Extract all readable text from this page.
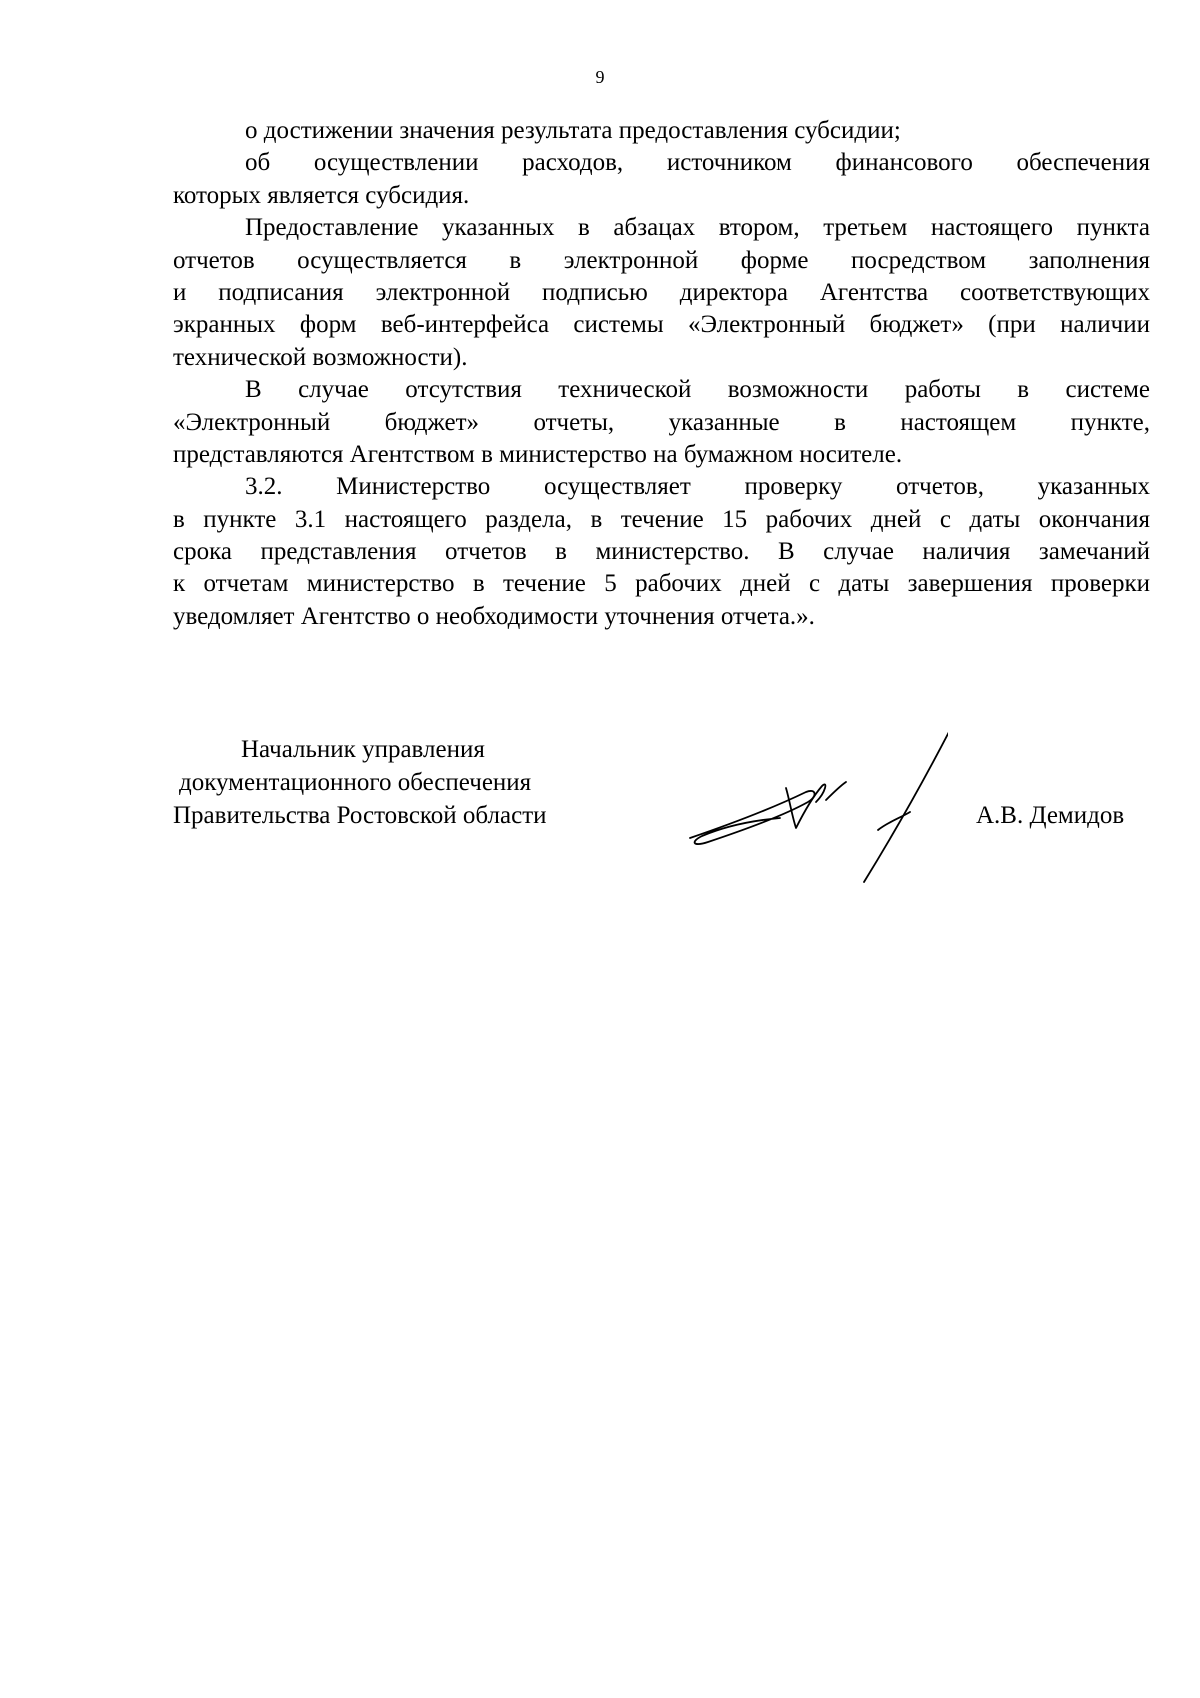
9
о достижении значения результата предоставления субсидии;
об осуществлении расходов, источником финансового обеспечения
которых является субсидия.
Предоставление указанных в абзацах втором, третьем настоящего пункта
отчетов осуществляется в электронной форме посредством заполнения
и подписания электронной подписью директора Агентства соответствующих
экранных форм веб-интерфейса системы «Электронный бюджет» (при наличии
технической возможности).
В случае отсутствия технической возможности работы в системе
«Электронный бюджет» отчеты, указанные в настоящем пункте,
представляются Агентством в министерство на бумажном носителе.
3.2. Министерство осуществляет проверку отчетов, указанных
в пункте 3.1 настоящего раздела, в течение 15 рабочих дней с даты окончания
срока представления отчетов в министерство. В случае наличия замечаний
к отчетам министерство в течение 5 рабочих дней с даты завершения проверки
уведомляет Агентство о необходимости уточнения отчета.».
Начальник управления
документационного обеспечения
Правительства Ростовской области	А.В. Демидов
